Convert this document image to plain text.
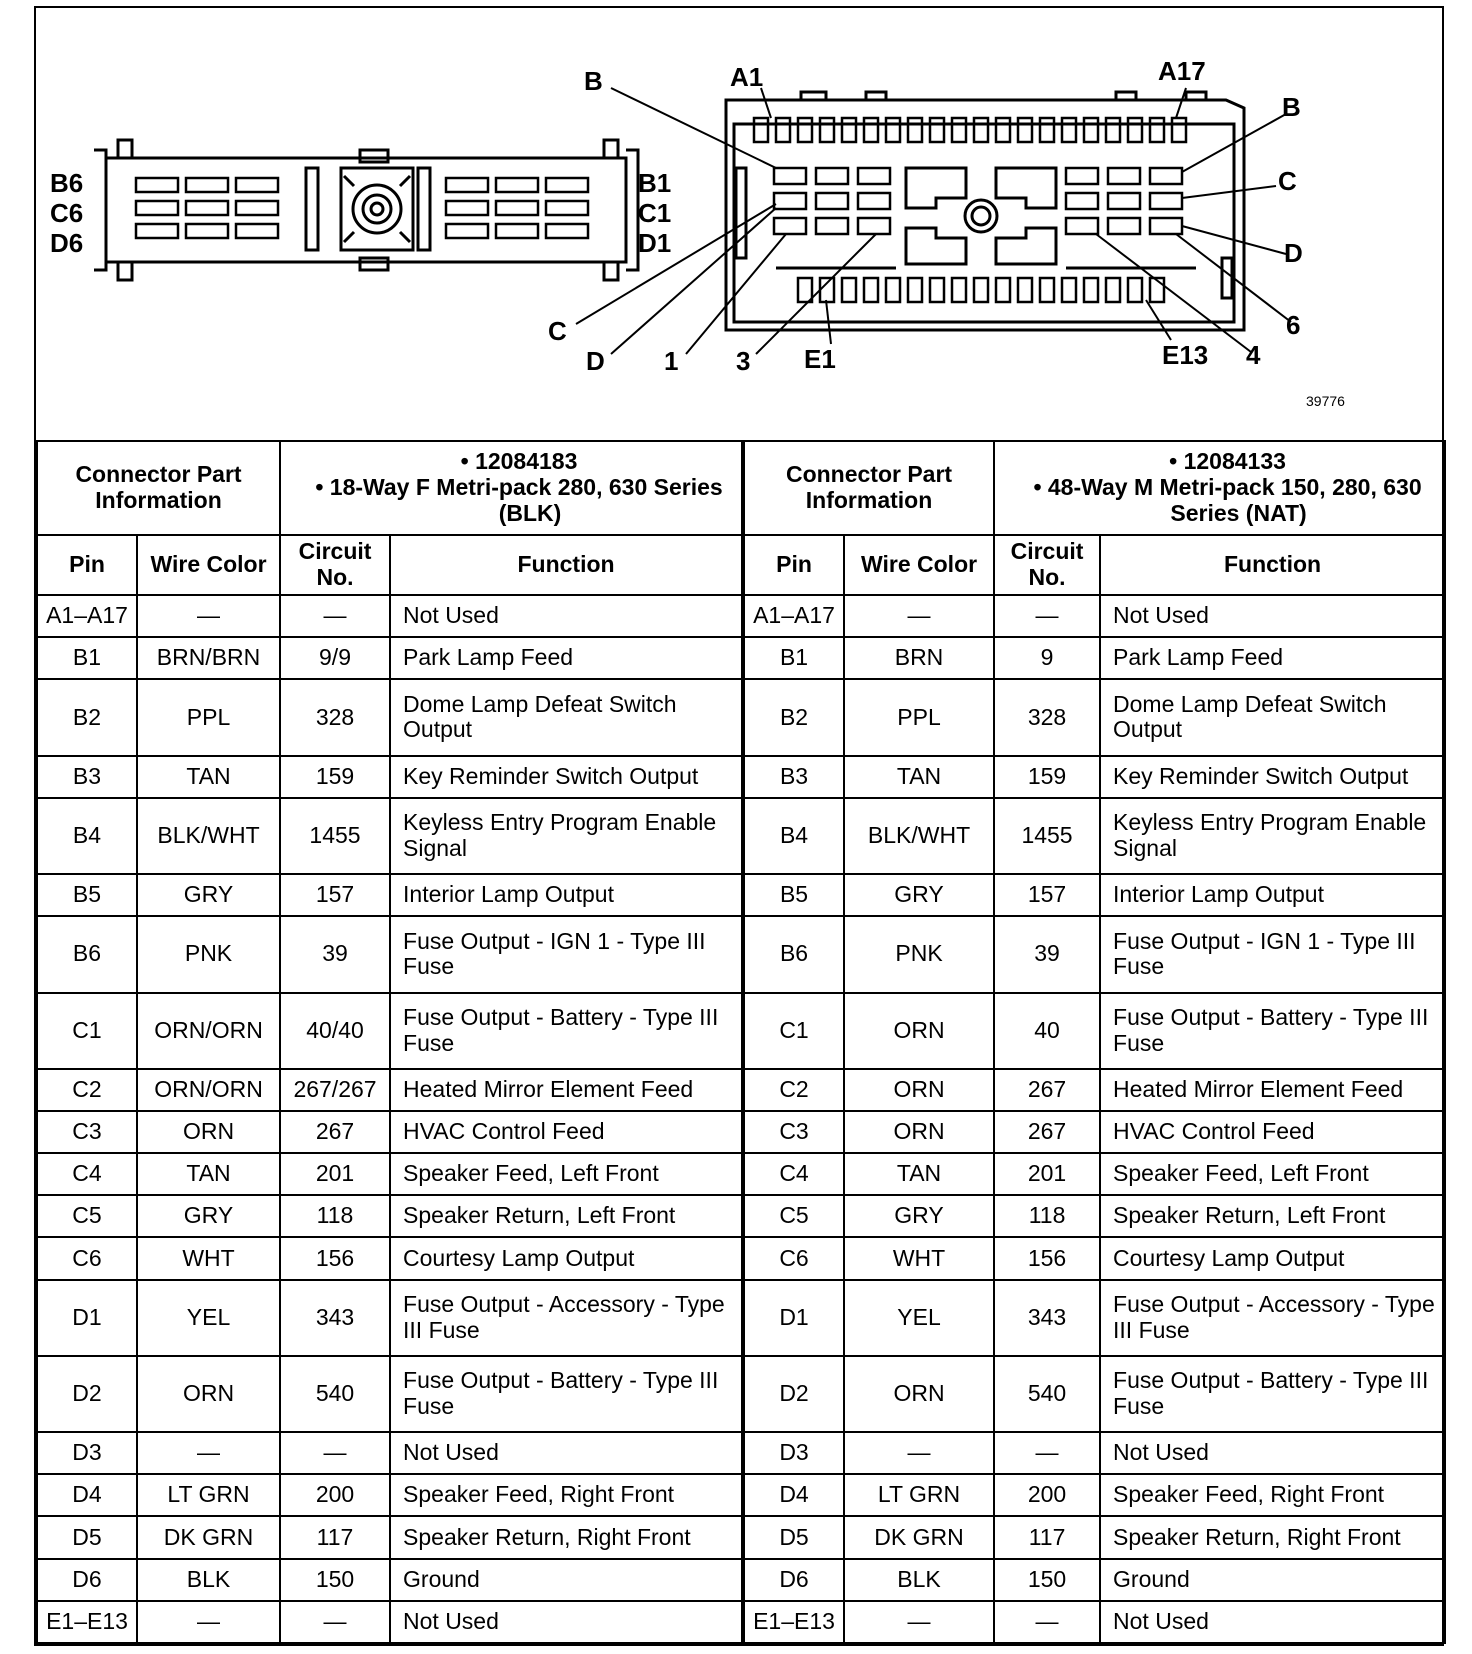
B6
C6
D6
B1
C1
D1
B	A1	A17
B
C
D
6
4
E13
E1
3
1
D
C
39776
Connector Part Information		• 12084183
• 18-Way F Metri-pack 280, 630 Series (BLK)	

Pin	Wire Color	Circuit No.	Function
A1–A17	—	—	Not Used
B1	BRN/BRN	9/9	Park Lamp Feed
B2	PPL	328	Dome Lamp Defeat Switch Output
B3	TAN	159	Key Reminder Switch Output
B4	BLK/WHT	1455	Keyless Entry Program Enable Signal
B5	GRY	157	Interior Lamp Output
B6	PNK	39	Fuse Output - IGN 1 - Type III Fuse
C1	ORN/ORN	40/40	Fuse Output - Battery - Type III Fuse
C2	ORN/ORN	267/267	Heated Mirror Element Feed
C3	ORN	267	HVAC Control Feed
C4	TAN	201	Speaker Feed, Left Front
C5	GRY	118	Speaker Return, Left Front
C6	WHT	156	Courtesy Lamp Output
D1	YEL	343	Fuse Output - Accessory - Type III Fuse
D2	ORN	540	Fuse Output - Battery - Type III Fuse
D3	—	—	Not Used
D4	LT GRN	200	Speaker Feed, Right Front
D5	DK GRN	117	Speaker Return, Right Front
D6	BLK	150	Ground
E1–E13	—	—	Not Used
Connector Part Information		• 12084133
• 48-Way M Metri-pack 150, 280, 630 Series (NAT)	

Pin	Wire Color	Circuit No.	Function
A1–A17	—	—	Not Used
B1	BRN	9	Park Lamp Feed
B2	PPL	328	Dome Lamp Defeat Switch Output
B3	TAN	159	Key Reminder Switch Output
B4	BLK/WHT	1455	Keyless Entry Program Enable Signal
B5	GRY	157	Interior Lamp Output
B6	PNK	39	Fuse Output - IGN 1 - Type III Fuse
C1	ORN	40	Fuse Output - Battery - Type III Fuse
C2	ORN	267	Heated Mirror Element Feed
C3	ORN	267	HVAC Control Feed
C4	TAN	201	Speaker Feed, Left Front
C5	GRY	118	Speaker Return, Left Front
C6	WHT	156	Courtesy Lamp Output
D1	YEL	343	Fuse Output - Accessory - Type III Fuse
D2	ORN	540	Fuse Output - Battery - Type III Fuse
D3	—	—	Not Used
D4	LT GRN	200	Speaker Feed, Right Front
D5	DK GRN	117	Speaker Return, Right Front
D6	BLK	150	Ground
E1–E13	—	—	Not Used
